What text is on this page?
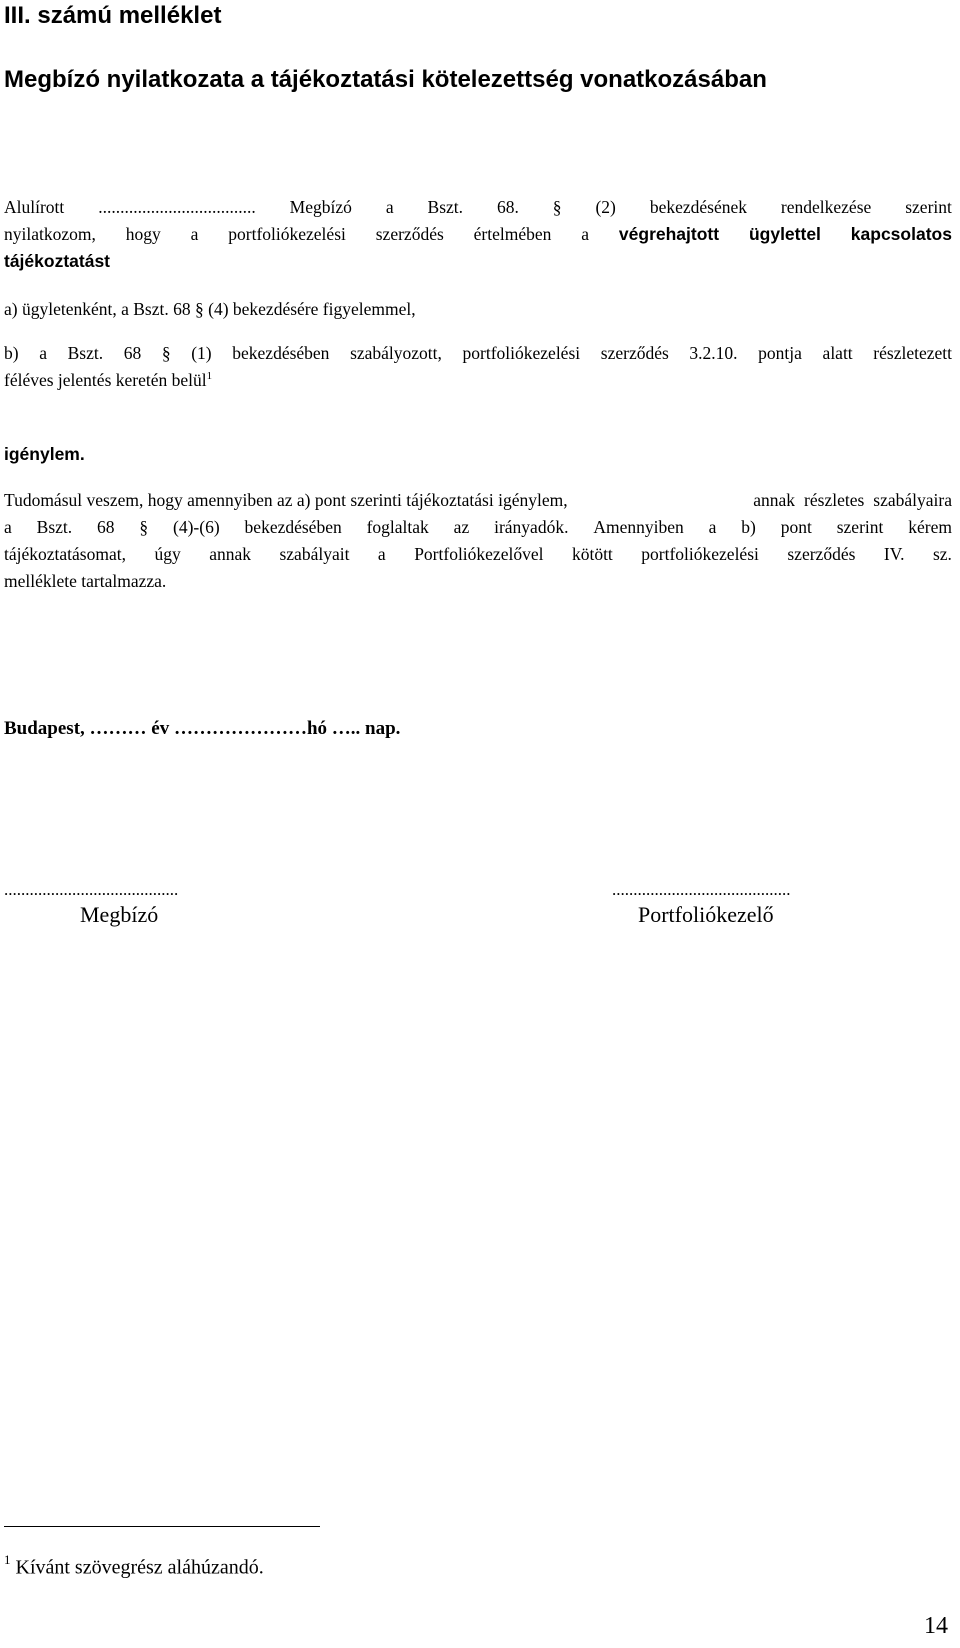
III. számú melléklet
Megbízó nyilatkozata a tájékoztatási kötelezettség vonatkozásában
Alulírott .................................... Megbízó a Bszt. 68. § (2) bekezdésének rendelkezése szerint
nyilatkozom, hogy a portfoliókezelési szerződés értelmében a végrehajtott ügylettel kapcsolatos
tájékoztatást
a) ügyletenként, a Bszt. 68 § (4) bekezdésére figyelemmel,
b) a Bszt. 68 § (1) bekezdésében szabályozott, portfoliókezelési szerződés 3.2.10. pontja alatt részletezett
féléves jelentés keretén belül$^1$
igénylem.
Tudomásul veszem, hogy amennyiben az a) pont szerinti tájékoztatási igénylem,	annak részletes szabályaira
a Bszt. 68 § (4)-(6) bekezdésében foglaltak az irányadók. Amennyiben a b) pont szerint kérem
tájékoztatásomat, úgy annak szabályait a Portfoliókezelővel kötött portfoliókezelési szerződés IV. sz.
melléklete tartalmazza.
Budapest, ……… év …………………hó ….. nap.
.........................................
Megbízó
..........................................
Portfoliókezelő
$^1$ Kívánt szövegrész aláhúzandó.
14
